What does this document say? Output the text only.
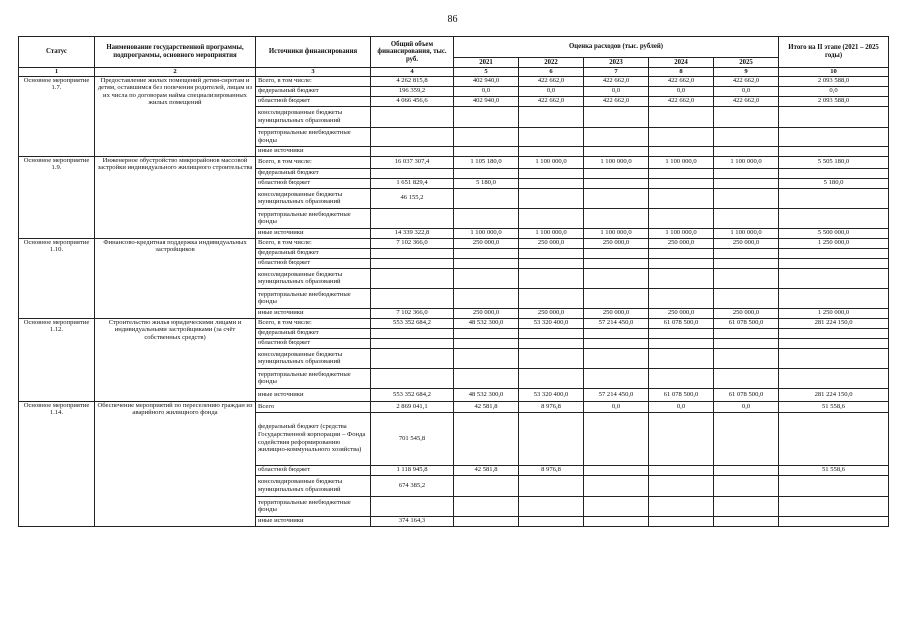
86
Статус	Наименование государственной программы, подпрограммы, основного мероприятия	Источники финансирования	Общий объем финансирования, тыс. руб.	Оценка расходов (тыс. рублей)					Итого на II этапе (2021 – 2025 годы)
				2021	2022	2023	2024	2025	
1	2	3	4	5	6	7	8	9	10
Основное мероприятие 1.7.	Предоставление жилых помещений детям-сиротам и детям, оставшимся без попечения родителей, лицам из их числа по договорам найма специализированных жилых помещений	Всего, в том числе:	4 262 815,8	402 940,0	422 662,0	422 662,0	422 662,0	422 662,0	2 093 588,0
		федеральный бюджет	196 359,2	0,0	0,0	0,0	0,0	0,0	0,0
		областной бюджет	4 066 456,6	402 940,0	422 662,0	422 662,0	422 662,0	422 662,0	2 093 588,0
		консолидированные бюджеты муниципальных образований							
		территориальные внебюджетные фонды							
		иные источники							
Основное мероприятие 1.9.	Инженерное обустройство микрорайонов массовой застройки индивидуального жилищного строительства	Всего, в том числе:	16 037 307,4	1 105 180,0	1 100 000,0	1 100 000,0	1 100 000,0	1 100 000,0	5 505 180,0
		федеральный бюджет							
		областной бюджет	1 651 829,4	5 180,0					5 180,0
		консолидированные бюджеты муниципальных образований	46 155,2						
		территориальные внебюджетные фонды							
		иные источники	14 339 322,8	1 100 000,0	1 100 000,0	1 100 000,0	1 100 000,0	1 100 000,0	5 500 000,0
Основное мероприятие 1.10.	Финансово-кредитная поддержка индивидуальных застройщиков	Всего, в том числе:	7 102 366,0	250 000,0	250 000,0	250 000,0	250 000,0	250 000,0	1 250 000,0
		федеральный бюджет							
		областной бюджет							
		консолидированные бюджеты муниципальных образований							
		территориальные внебюджетные фонды							
		иные источники	7 102 366,0	250 000,0	250 000,0	250 000,0	250 000,0	250 000,0	1 250 000,0
Основное мероприятие 1.12.	Строительство жилья юридическими лицами и индивидуальными застройщиками (за счёт собственных средств)	Всего, в том числе:	553 352 684,2	48 532 300,0	53 320 400,0	57 214 450,0	61 078 500,0	61 078 500,0	281 224 150,0
		федеральный бюджет							
		областной бюджет							
		консолидированные бюджеты муниципальных образований							
		территориальные внебюджетные фонды							
		иные источники	553 352 684,2	48 532 300,0	53 320 400,0	57 214 450,0	61 078 500,0	61 078 500,0	281 224 150,0
Основное мероприятие 1.14.	Обеспечение мероприятий по переселению граждан из аварийного жилищного фонда	Всего	2 869 041,1	42 581,8	8 976,8	0,0	0,0	0,0	51 558,6
		федеральный бюджет (средства Государственной корпорации – Фонда содействия реформированию жилищно-коммунального хозяйства)	701 545,8						
		областной бюджет	1 118 945,8	42 581,8	8 976,8				51 558,6
		консолидированные бюджеты муниципальных образований	674 385,2						
		территориальные внебюджетные фонды							
		иные источники	374 164,3						
